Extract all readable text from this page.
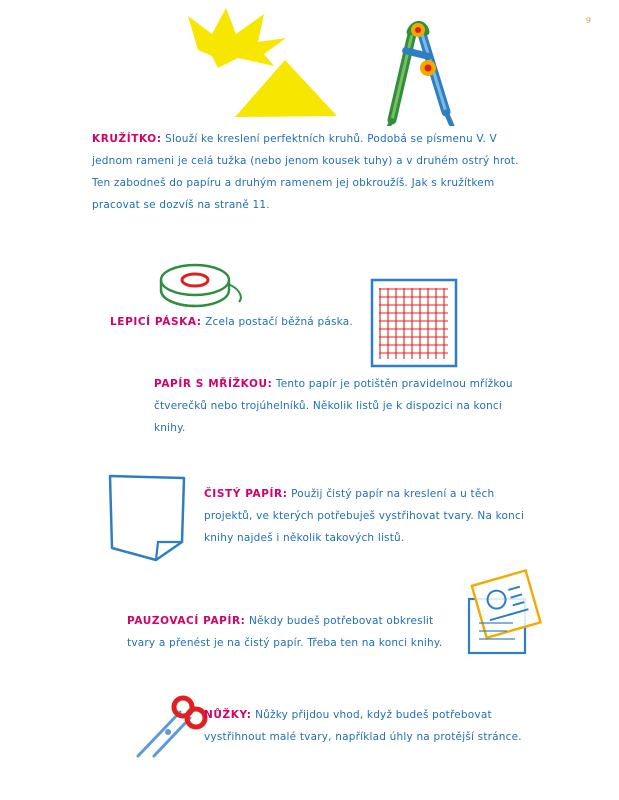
9
KRUŽÍTKO: Slouží ke kreslení perfektních kruhů. Podobá se písmenu V. V jednom rameni je celá tužka (nebo jenom kousek tuhy) a v druhém ostrý hrot. Ten zabodneš do papíru a druhým ramenem jej obkroužíš. Jak s kružítkem pracovat se dozvíš na straně 11.
LEPICÍ PÁSKA: Zcela postačí běžná páska.
PAPÍR S MŘÍŽKOU: Tento papír je potištěn pravidelnou mřížkou čtverečků nebo trojúhelníků. Několik listů je k dispozici na konci knihy.
ČISTÝ PAPÍR: Použij čistý papír na kreslení a u těch projektů, ve kterých potřebuješ vystřihovat tvary. Na konci knihy najdeš i několik takových listů.
PAUZOVACÍ PAPÍR: Někdy budeš potřebovat obkreslit tvary a přenést je na čistý papír. Třeba ten na konci knihy.
NŮŽKY: Nůžky přijdou vhod, když budeš potřebovat vystřihnout malé tvary, například úhly na protější stránce.
